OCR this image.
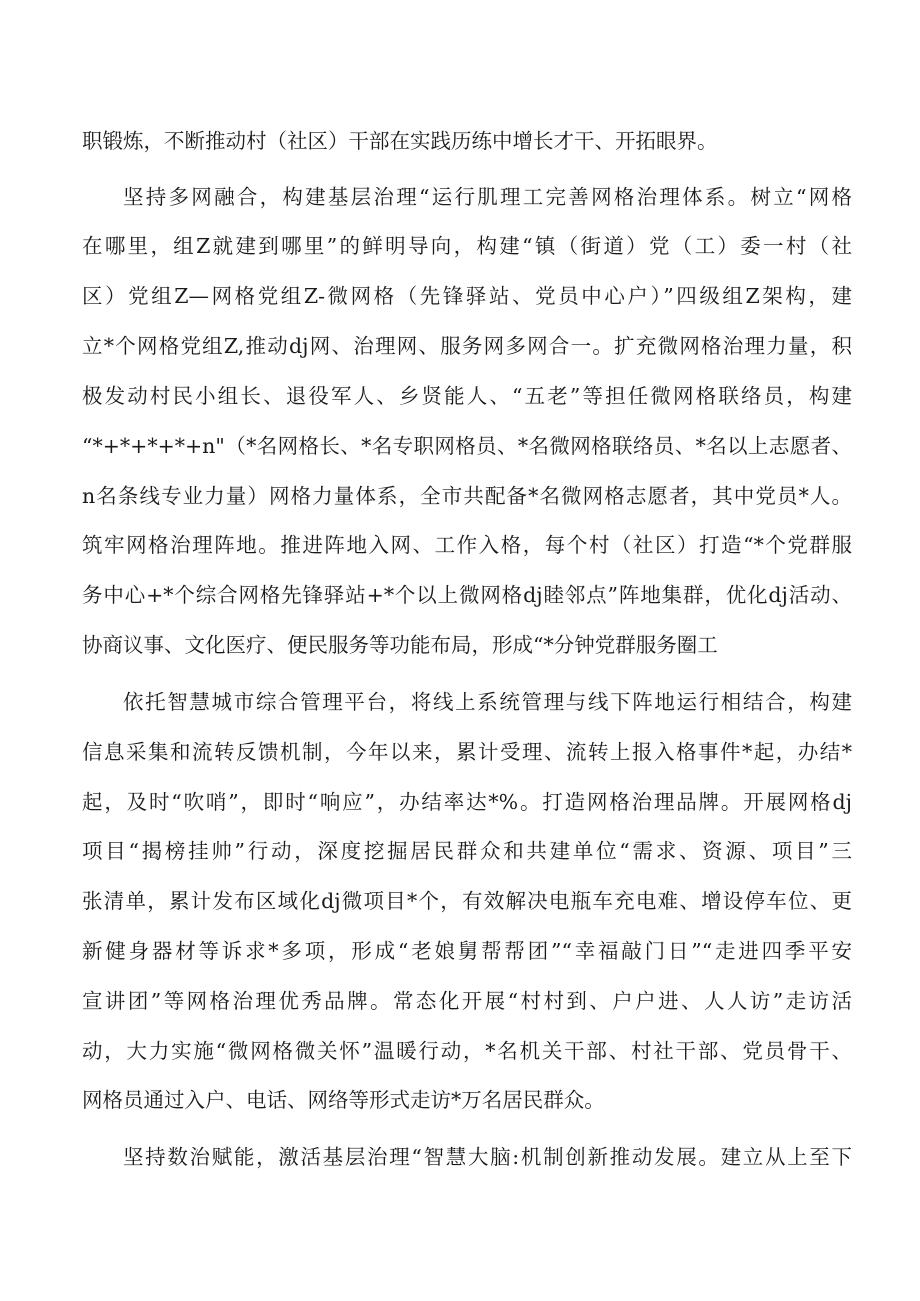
职锻炼，不断推动村（社区）干部在实践历练中增长才干、开拓眼界。
坚持多网融合，构建基层治理“运行肌理工完善网格治理体系。树立“网格
在哪里，组Z就建到哪里”的鲜明导向，构建“镇（街道）党（工）委一村（社
区）党组Z—网格党组Z-微网格（先锋驿站、党员中心户）”四级组Z架构，建
立*个网格党组Z,推动dj网、治理网、服务网多网合一。扩充微网格治理力量，积
极发动村民小组长、退役军人、乡贤能人、“五老”等担任微网格联络员，构建
“*+*+*+*+n"（*名网格长、*名专职网格员、*名微网格联络员、*名以上志愿者、
n名条线专业力量）网格力量体系，全市共配备*名微网格志愿者，其中党员*人。
筑牢网格治理阵地。推进阵地入网、工作入格，每个村（社区）打造“*个党群服
务中心+*个综合网格先锋驿站+*个以上微网格dj睦邻点”阵地集群，优化dj活动、
协商议事、文化医疗、便民服务等功能布局，形成“*分钟党群服务圈工
依托智慧城市综合管理平台，将线上系统管理与线下阵地运行相结合，构建
信息采集和流转反馈机制，今年以来，累计受理、流转上报入格事件*起，办结*
起，及时“吹哨”，即时“响应”，办结率达*%。打造网格治理品牌。开展网格dj
项目“揭榜挂帅”行动，深度挖掘居民群众和共建单位“需求、资源、项目”三
张清单，累计发布区域化dj微项目*个，有效解决电瓶车充电难、增设停车位、更
新健身器材等诉求*多项，形成“老娘舅帮帮团”“幸福敲门日”“走进四季平安
宣讲团”等网格治理优秀品牌。常态化开展“村村到、户户进、人人访”走访活
动，大力实施“微网格微关怀”温暖行动，*名机关干部、村社干部、党员骨干、
网格员通过入户、电话、网络等形式走访*万名居民群众。
坚持数治赋能，激活基层治理“智慧大脑:机制创新推动发展。建立从上至下
